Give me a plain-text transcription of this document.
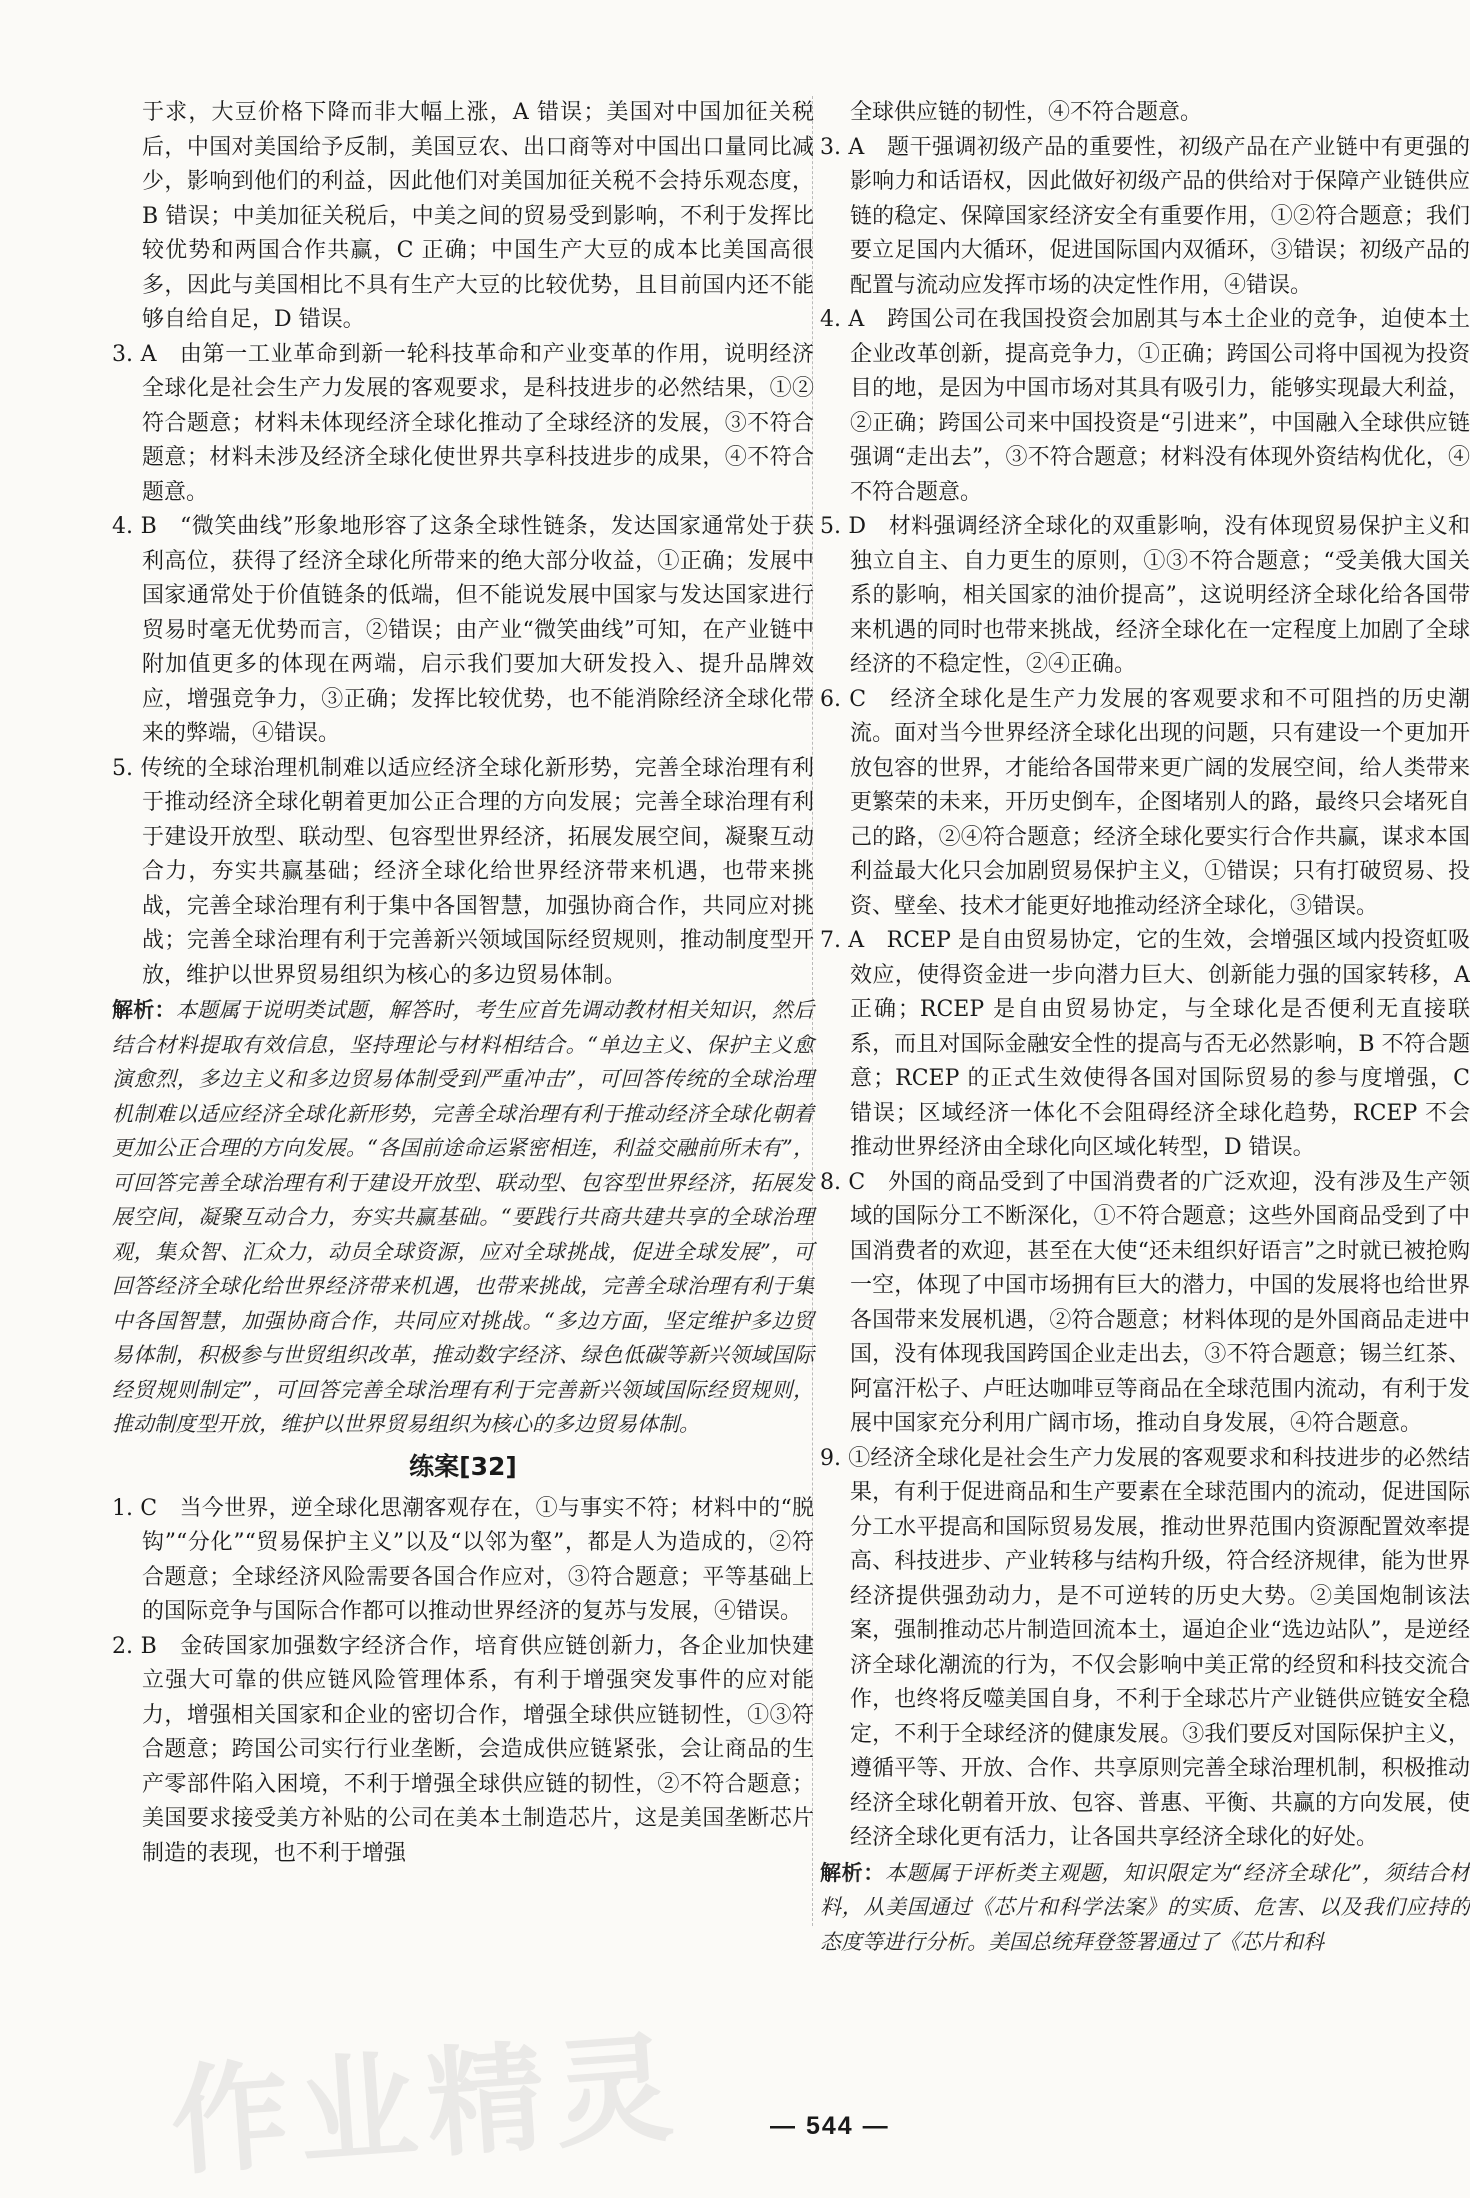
于求，大豆价格下降而非大幅上涨，A 错误；美国对中国加征关税后，中国对美国给予反制，美国豆农、出口商等对中国出口量同比减少，影响到他们的利益，因此他们对美国加征关税不会持乐观态度，B 错误；中美加征关税后，中美之间的贸易受到影响，不利于发挥比较优势和两国合作共赢，C 正确；中国生产大豆的成本比美国高很多，因此与美国相比不具有生产大豆的比较优势，且目前国内还不能够自给自足，D 错误。

3. A　由第一工业革命到新一轮科技革命和产业变革的作用，说明经济全球化是社会生产力发展的客观要求，是科技进步的必然结果，①②符合题意；材料未体现经济全球化推动了全球经济的发展，③不符合题意；材料未涉及经济全球化使世界共享科技进步的成果，④不符合题意。

4. B　“微笑曲线”形象地形容了这条全球性链条，发达国家通常处于获利高位，获得了经济全球化所带来的绝大部分收益，①正确；发展中国家通常处于价值链条的低端，但不能说发展中国家与发达国家进行贸易时毫无优势而言，②错误；由产业“微笑曲线”可知，在产业链中附加值更多的体现在两端，启示我们要加大研发投入、提升品牌效应，增强竞争力，③正确；发挥比较优势，也不能消除经济全球化带来的弊端，④错误。

5. 传统的全球治理机制难以适应经济全球化新形势，完善全球治理有利于推动经济全球化朝着更加公正合理的方向发展；完善全球治理有利于建设开放型、联动型、包容型世界经济，拓展发展空间，凝聚互动合力，夯实共赢基础；经济全球化给世界经济带来机遇，也带来挑战，完善全球治理有利于集中各国智慧，加强协商合作，共同应对挑战；完善全球治理有利于完善新兴领域国际经贸规则，推动制度型开放，维护以世界贸易组织为核心的多边贸易体制。

解析：本题属于说明类试题，解答时，考生应首先调动教材相关知识，然后结合材料提取有效信息，坚持理论与材料相结合。“单边主义、保护主义愈演愈烈，多边主义和多边贸易体制受到严重冲击”，可回答传统的全球治理机制难以适应经济全球化新形势，完善全球治理有利于推动经济全球化朝着更加公正合理的方向发展。“各国前途命运紧密相连，利益交融前所未有”，可回答完善全球治理有利于建设开放型、联动型、包容型世界经济，拓展发展空间，凝聚互动合力，夯实共赢基础。“要践行共商共建共享的全球治理观，集众智、汇众力，动员全球资源，应对全球挑战，促进全球发展”，可回答经济全球化给世界经济带来机遇，也带来挑战，完善全球治理有利于集中各国智慧，加强协商合作，共同应对挑战。“多边方面，坚定维护多边贸易体制，积极参与世贸组织改革，推动数字经济、绿色低碳等新兴领域国际经贸规则制定”，可回答完善全球治理有利于完善新兴领域国际经贸规则，推动制度型开放，维护以世界贸易组织为核心的多边贸易体制。

练案[32]

1. C　当今世界，逆全球化思潮客观存在，①与事实不符；材料中的“脱钩”“分化”“贸易保护主义”以及“以邻为壑”，都是人为造成的，②符合题意；全球经济风险需要各国合作应对，③符合题意；平等基础上的国际竞争与国际合作都可以推动世界经济的复苏与发展，④错误。

2. B　金砖国家加强数字经济合作，培育供应链创新力，各企业加快建立强大可靠的供应链风险管理体系，有利于增强突发事件的应对能力，增强相关国家和企业的密切合作，增强全球供应链韧性，①③符合题意；跨国公司实行行业垄断，会造成供应链紧张，会让商品的生产零部件陷入困境，不利于增强全球供应链的韧性，②不符合题意；美国要求接受美方补贴的公司在美本土制造芯片，这是美国垄断芯片制造的表现，也不利于增强

全球供应链的韧性，④不符合题意。

3. A　题干强调初级产品的重要性，初级产品在产业链中有更强的影响力和话语权，因此做好初级产品的供给对于保障产业链供应链的稳定、保障国家经济安全有重要作用，①②符合题意；我们要立足国内大循环，促进国际国内双循环，③错误；初级产品的配置与流动应发挥市场的决定性作用，④错误。

4. A　跨国公司在我国投资会加剧其与本土企业的竞争，迫使本土企业改革创新，提高竞争力，①正确；跨国公司将中国视为投资目的地，是因为中国市场对其具有吸引力，能够实现最大利益，②正确；跨国公司来中国投资是“引进来”，中国融入全球供应链强调“走出去”，③不符合题意；材料没有体现外资结构优化，④不符合题意。

5. D　材料强调经济全球化的双重影响，没有体现贸易保护主义和独立自主、自力更生的原则，①③不符合题意；“受美俄大国关系的影响，相关国家的油价提高”，这说明经济全球化给各国带来机遇的同时也带来挑战，经济全球化在一定程度上加剧了全球经济的不稳定性，②④正确。

6. C　经济全球化是生产力发展的客观要求和不可阻挡的历史潮流。面对当今世界经济全球化出现的问题，只有建设一个更加开放包容的世界，才能给各国带来更广阔的发展空间，给人类带来更繁荣的未来，开历史倒车，企图堵别人的路，最终只会堵死自己的路，②④符合题意；经济全球化要实行合作共赢，谋求本国利益最大化只会加剧贸易保护主义，①错误；只有打破贸易、投资、壁垒、技术才能更好地推动经济全球化，③错误。

7. A　RCEP 是自由贸易协定，它的生效，会增强区域内投资虹吸效应，使得资金进一步向潜力巨大、创新能力强的国家转移，A 正确；RCEP 是自由贸易协定，与全球化是否便利无直接联系，而且对国际金融安全性的提高与否无必然影响，B 不符合题意；RCEP 的正式生效使得各国对国际贸易的参与度增强，C 错误；区域经济一体化不会阻碍经济全球化趋势，RCEP 不会推动世界经济由全球化向区域化转型，D 错误。

8. C　外国的商品受到了中国消费者的广泛欢迎，没有涉及生产领域的国际分工不断深化，①不符合题意；这些外国商品受到了中国消费者的欢迎，甚至在大使“还未组织好语言”之时就已被抢购一空，体现了中国市场拥有巨大的潜力，中国的发展将也给世界各国带来发展机遇，②符合题意；材料体现的是外国商品走进中国，没有体现我国跨国企业走出去，③不符合题意；锡兰红茶、阿富汗松子、卢旺达咖啡豆等商品在全球范围内流动，有利于发展中国家充分利用广阔市场，推动自身发展，④符合题意。

9. ①经济全球化是社会生产力发展的客观要求和科技进步的必然结果，有利于促进商品和生产要素在全球范围内的流动，促进国际分工水平提高和国际贸易发展，推动世界范围内资源配置效率提高、科技进步、产业转移与结构升级，符合经济规律，能为世界经济提供强劲动力，是不可逆转的历史大势。②美国炮制该法案，强制推动芯片制造回流本土，逼迫企业“选边站队”，是逆经济全球化潮流的行为，不仅会影响中美正常的经贸和科技交流合作，也终将反噬美国自身，不利于全球芯片产业链供应链安全稳定，不利于全球经济的健康发展。③我们要反对国际保护主义，遵循平等、开放、合作、共享原则完善全球治理机制，积极推动经济全球化朝着开放、包容、普惠、平衡、共赢的方向发展，使经济全球化更有活力，让各国共享经济全球化的好处。

解析：本题属于评析类主观题，知识限定为“经济全球化”，须结合材料，从美国通过《芯片和科学法案》的实质、危害、以及我们应持的态度等进行分析。美国总统拜登签署通过了《芯片和科

作业精灵	— 544 —
